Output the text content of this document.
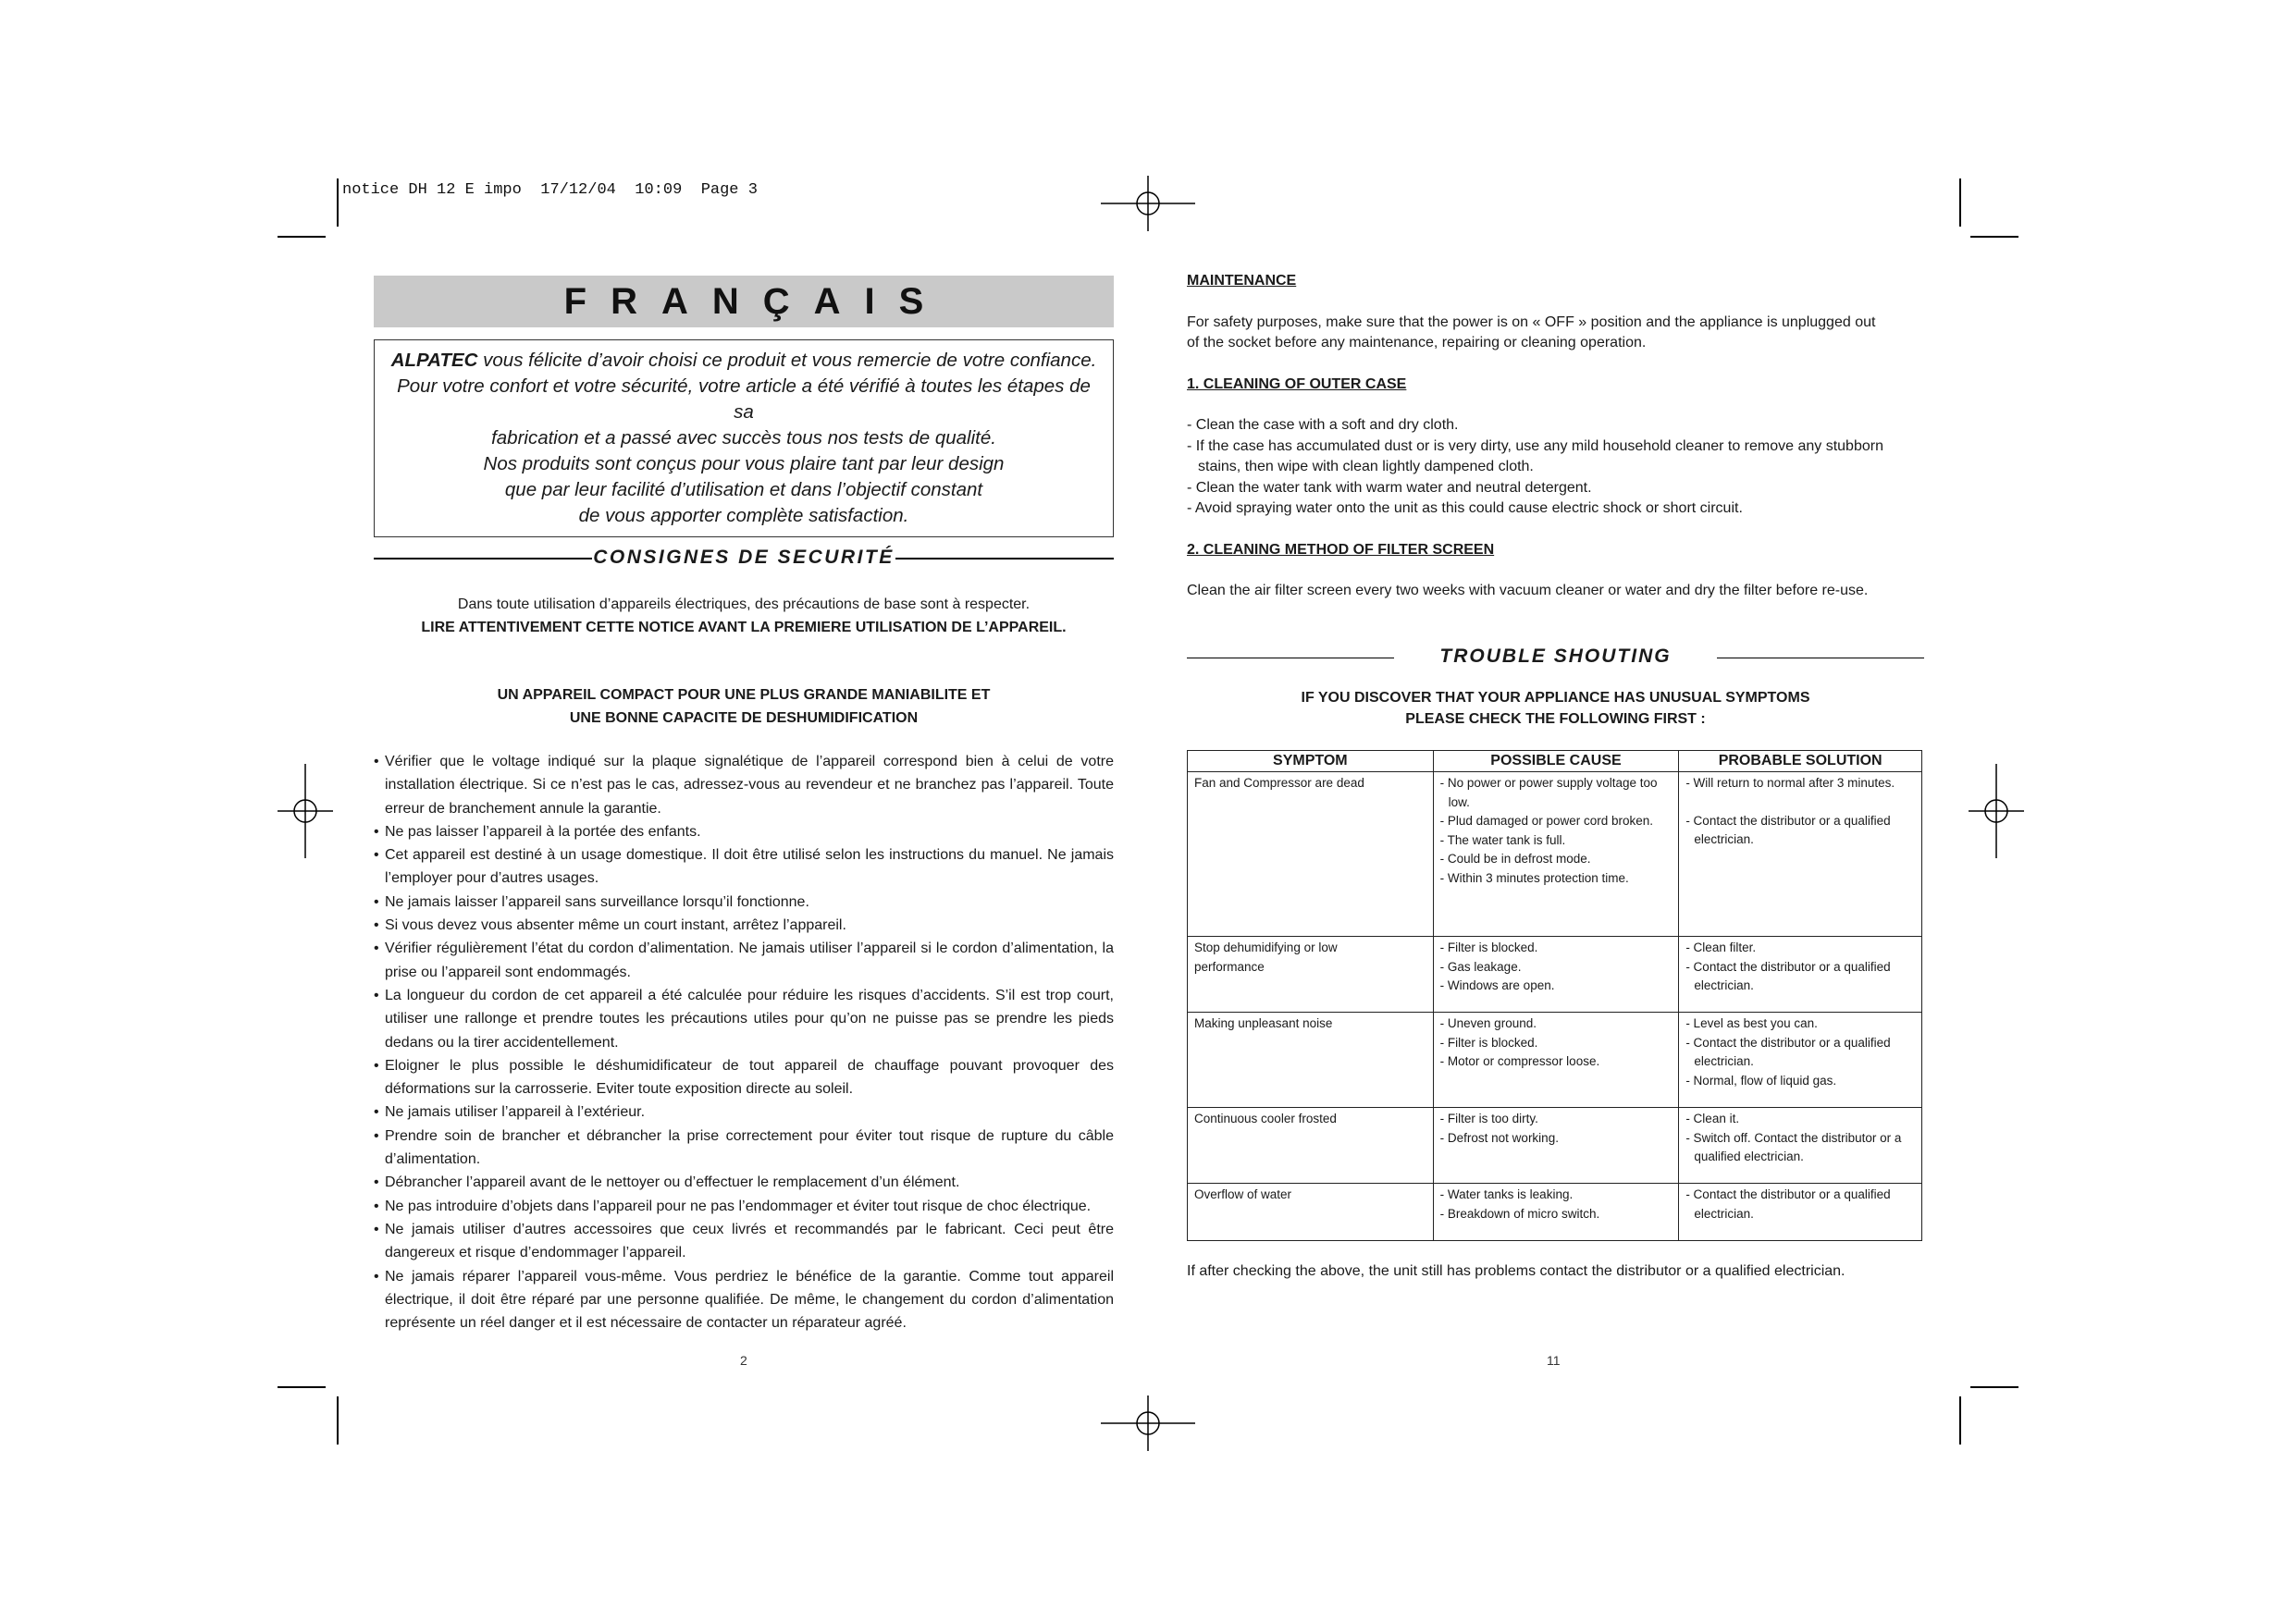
notice DH 12 E impo 17/12/04 10:09 Page 3
FRANÇAIS
ALPATEC vous félicite d’avoir choisi ce produit et vous remercie de votre confiance.
Pour votre confort et votre sécurité, votre article a été vérifié à toutes les étapes de sa
fabrication et a passé avec succès tous nos tests de qualité.
Nos produits sont conçus pour vous plaire tant par leur design
que par leur facilité d’utilisation et dans l’objectif constant
de vous apporter complète satisfaction.
CONSIGNES DE SECURITÉ
Dans toute utilisation d’appareils électriques, des précautions de base sont à respecter.
LIRE ATTENTIVEMENT CETTE NOTICE AVANT LA PREMIERE UTILISATION DE L’APPAREIL.
UN APPAREIL COMPACT POUR UNE PLUS GRANDE MANIABILITE ET
UNE BONNE CAPACITE DE DESHUMIDIFICATION
• Vérifier que le voltage indiqué sur la plaque signalétique de l’appareil correspond bien à celui de votre installation électrique. Si ce n’est pas le cas, adressez-vous au revendeur et ne branchez pas l’appareil. Toute erreur de branchement annule la garantie.
• Ne pas laisser l’appareil à la portée des enfants.
• Cet appareil est destiné à un usage domestique. Il doit être utilisé selon les instructions du manuel. Ne jamais l’employer pour d’autres usages.
• Ne jamais laisser l’appareil sans surveillance lorsqu’il fonctionne.
• Si vous devez vous absenter même un court instant, arrêtez l’appareil.
• Vérifier régulièrement l’état du cordon d’alimentation. Ne jamais utiliser l’appareil si le cordon d’alimentation, la prise ou l’appareil sont endommagés.
• La longueur du cordon de cet appareil a été calculée pour réduire les risques d’accidents. S’il est trop court, utiliser une rallonge et prendre toutes les précautions utiles pour qu’on ne puisse pas se prendre les pieds dedans ou la tirer accidentellement.
• Eloigner le plus possible le déshumidificateur de tout appareil de chauffage pouvant provoquer des déformations sur la carrosserie. Eviter toute exposition directe au soleil.
• Ne jamais utiliser l’appareil à l’extérieur.
• Prendre soin de brancher et débrancher la prise correctement pour éviter tout risque de rupture du câble d’alimentation.
• Débrancher l’appareil avant de le nettoyer ou d’effectuer le remplacement d’un élément.
• Ne pas introduire d’objets dans l’appareil pour ne pas l’endommager et éviter tout risque de choc électrique.
• Ne jamais utiliser d’autres accessoires que ceux livrés et recommandés par le fabricant. Ceci peut être dangereux et risque d’endommager l’appareil.
• Ne jamais réparer l’appareil vous-même. Vous perdriez le bénéfice de la garantie. Comme tout appareil électrique, il doit être réparé par une personne qualifiée. De même, le changement du cordon d’alimentation représente un réel danger et il est nécessaire de contacter un réparateur agréé.
2
MAINTENANCE
For safety purposes, make sure that the power is on « OFF » position and the appliance is unplugged out
of the socket before any maintenance, repairing or cleaning operation.
1. CLEANING OF OUTER CASE
- Clean the case with a soft and dry cloth.
- If the case has accumulated dust or is very dirty, use any mild household cleaner to remove any stubborn stains, then wipe with clean lightly dampened cloth.
- Clean the water tank with warm water and neutral detergent.
- Avoid spraying water onto the unit as this could cause electric shock or short circuit.
2. CLEANING METHOD OF FILTER SCREEN
Clean the air filter screen every two weeks with vacuum cleaner or water and dry the filter before re-use.
TROUBLE SHOUTING
IF YOU DISCOVER THAT YOUR APPLIANCE HAS UNUSUAL SYMPTOMS
PLEASE CHECK THE FOLLOWING FIRST :
SYMPTOM	POSSIBLE CAUSE	PROBABLE SOLUTION

Fan and Compressor are dead	- No power or power supply voltage too low.
- Plud damaged or power cord broken.
- The water tank is full.
- Could be in defrost mode.
- Within 3 minutes protection time.	- Will return to normal after 3 minutes.
- Contact the distributor or a qualified electrician.

Stop dehumidifying or low
performance	- Filter is blocked.
- Gas leakage.
- Windows are open.	- Clean filter.
- Contact the distributor or a qualified electrician.

Making unpleasant noise	- Uneven ground.
- Filter is blocked.
- Motor or compressor loose.	- Level as best you can.
- Contact the distributor or a qualified electrician.
- Normal, flow of liquid gas.

Continuous cooler frosted	- Filter is too dirty.
- Defrost not working.	- Clean it.
- Switch off. Contact the distributor or a qualified electrician.

Overflow of water	- Water tanks is leaking.
- Breakdown of micro switch.	- Contact the distributor or a qualified electrician.
If after checking the above, the unit still has problems contact the distributor or a qualified electrician.
11
